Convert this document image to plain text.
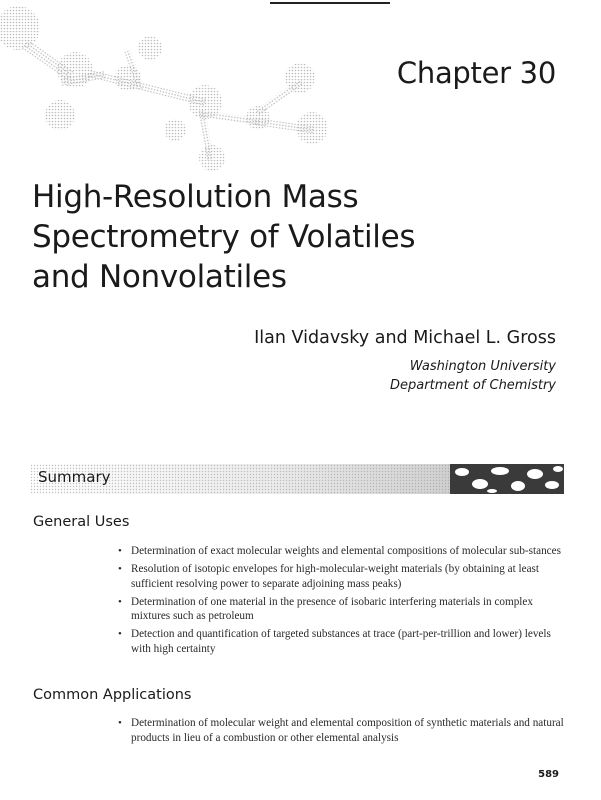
Chapter 30
High-Resolution Mass
Spectrometry of Volatiles
and Nonvolatiles
Ilan Vidavsky and Michael L. Gross
Washington University
Department of Chemistry
Summary
General Uses
• Determination of exact molecular weights and elemental compositions of molecular sub-stances
• Resolution of isotopic envelopes for high-molecular-weight materials (by obtaining at least sufficient resolving power to separate adjoining mass peaks)
• Determination of one material in the presence of isobaric interfering materials in complex mixtures such as petroleum
• Detection and quantification of targeted substances at trace (part-per-trillion and lower) levels with high certainty
Common Applications
• Determination of molecular weight and elemental composition of synthetic materials and natural products in lieu of a combustion or other elemental analysis
589
